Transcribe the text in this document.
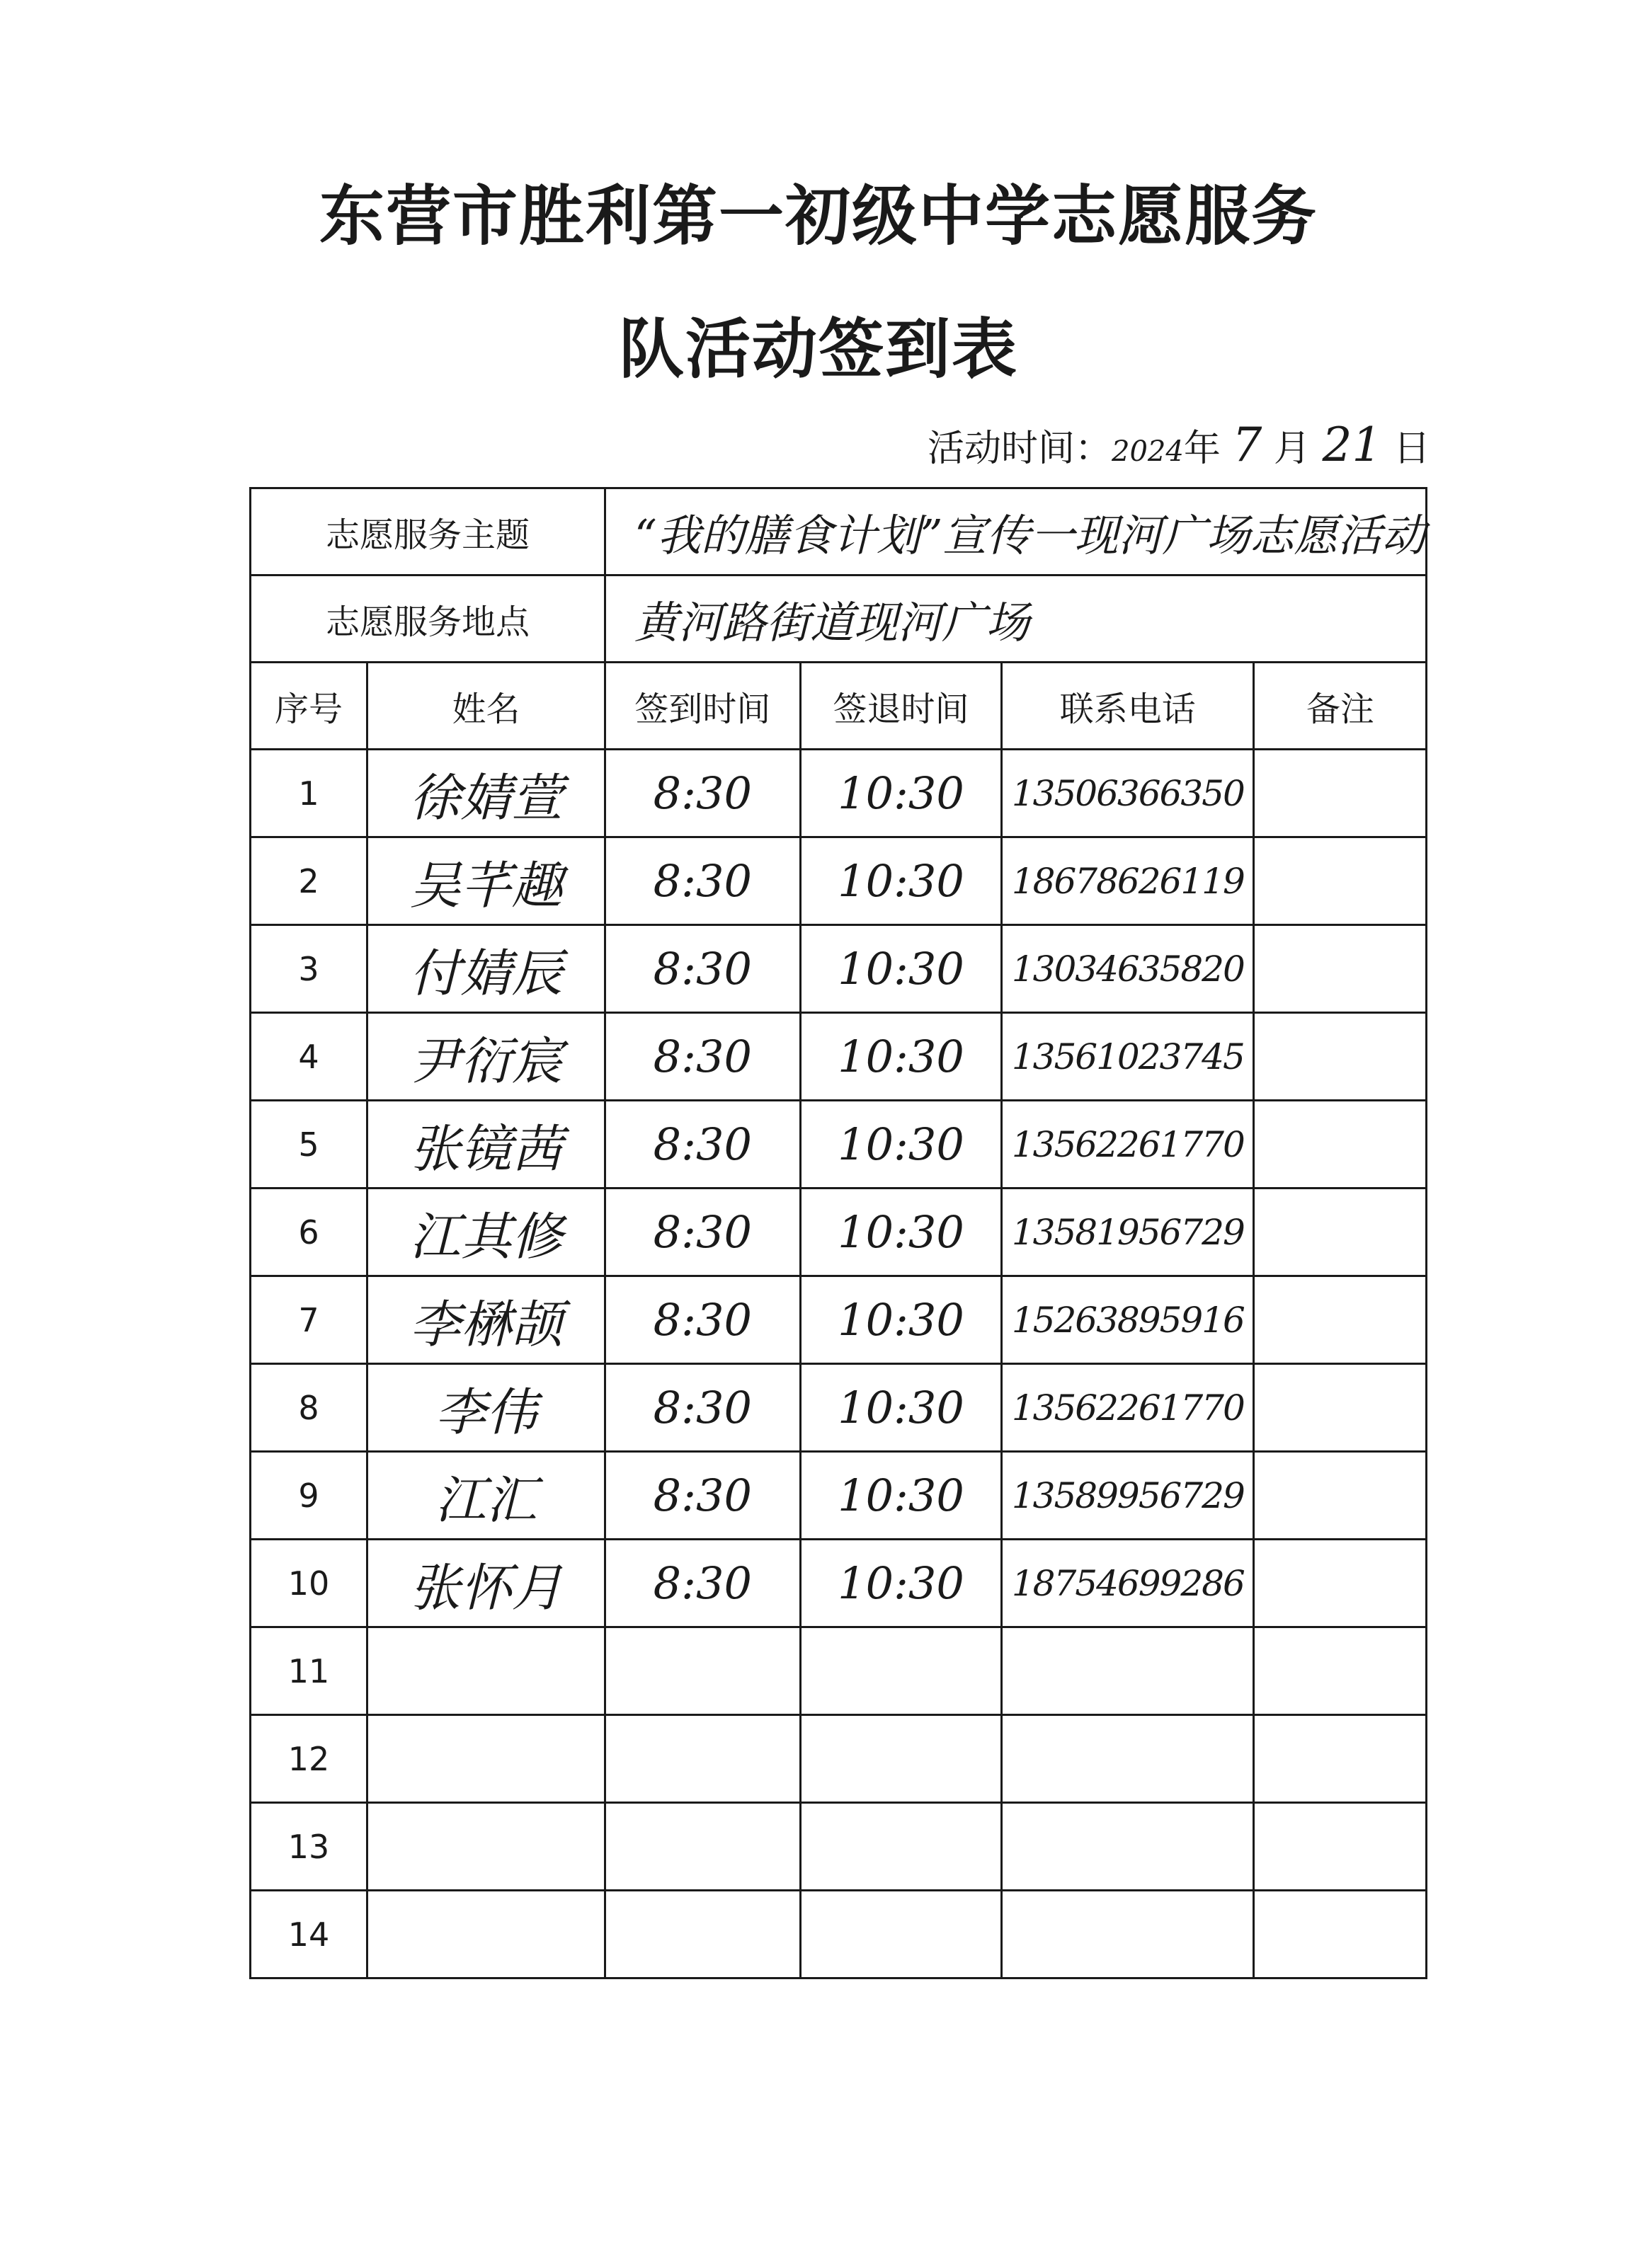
东营市胜利第一初级中学志愿服务
队活动签到表
活动时间：2024年 7 月 21 日
志愿服务主题		“我的膳食计划”宣传一现河广场志愿活动			
志愿服务地点		黄河路街道现河广场			
序号	姓名	签到时间	签退时间	联系电话	备注
1	徐婧萱	8:30	10:30	13506366350	
2	吴芊趣	8:30	10:30	18678626119	
3	付婧辰	8:30	10:30	13034635820	
4	尹衍宸	8:30	10:30	13561023745	
5	张镜茜	8:30	10:30	13562261770	
6	江其修	8:30	10:30	13581956729	
7	李楙颉	8:30	10:30	15263895916	
8	李伟	8:30	10:30	13562261770	
9	江汇	8:30	10:30	13589956729	
10	张怀月	8:30	10:30	18754699286	
11					
12					
13					
14					
